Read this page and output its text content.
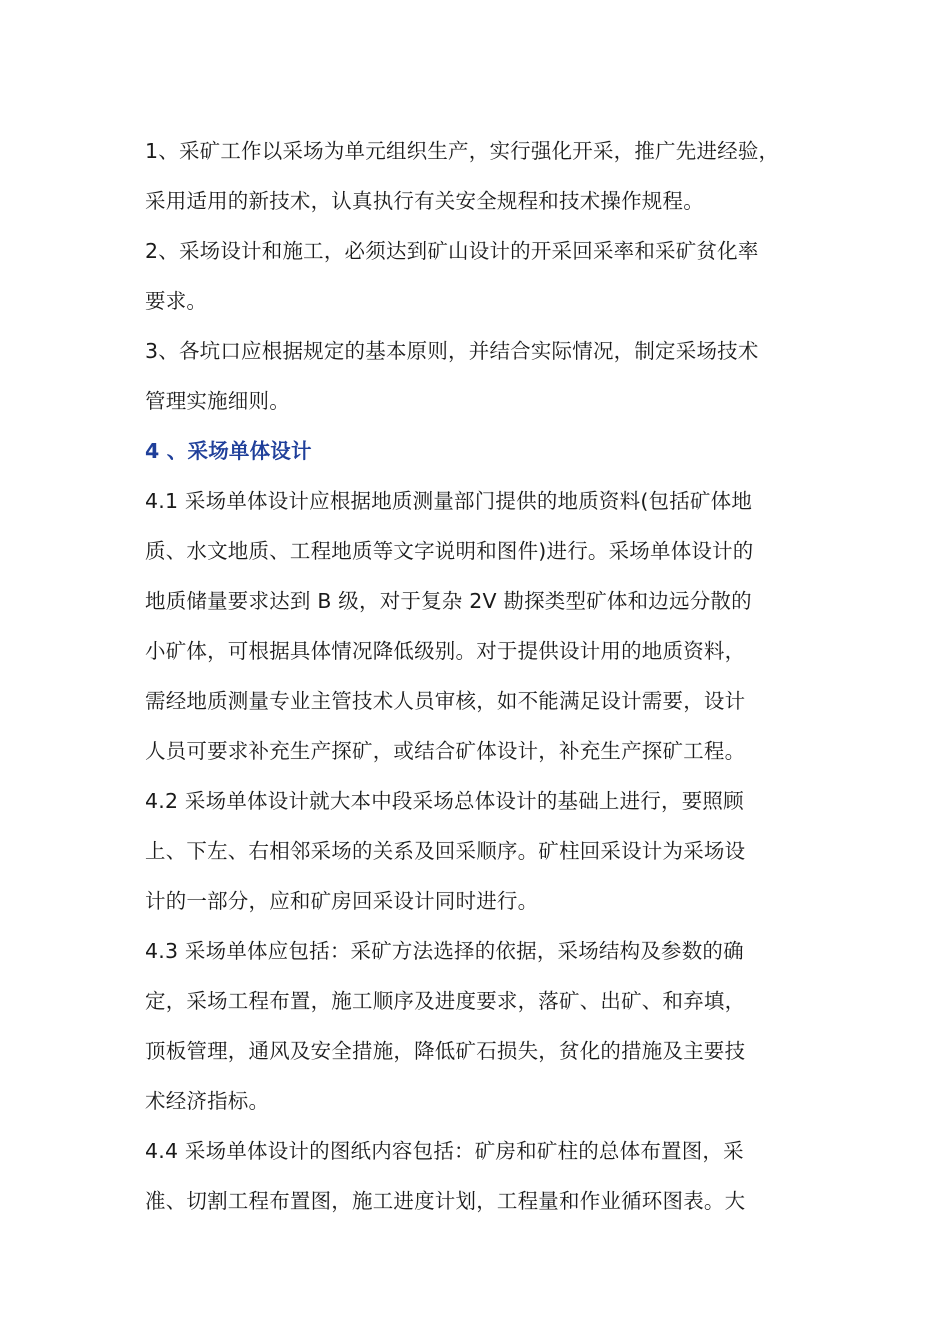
1、采矿工作以采场为单元组织生产，实行强化开采，推广先进经验，
采用适用的新技术，认真执行有关安全规程和技术操作规程。
2、采场设计和施工，必须达到矿山设计的开采回采率和采矿贫化率
要求。
3、各坑口应根据规定的基本原则，并结合实际情况，制定采场技术
管理实施细则。
4 、采场单体设计
4.1 采场单体设计应根据地质测量部门提供的地质资料(包括矿体地
质、水文地质、工程地质等文字说明和图件)进行。采场单体设计的
地质储量要求达到 B 级，对于复杂 2V 勘探类型矿体和边远分散的
小矿体，可根据具体情况降低级别。对于提供设计用的地质资料，
需经地质测量专业主管技术人员审核，如不能满足设计需要，设计
人员可要求补充生产探矿，或结合矿体设计，补充生产探矿工程。
4.2 采场单体设计就大本中段采场总体设计的基础上进行，要照顾
上、下左、右相邻采场的关系及回采顺序。矿柱回采设计为采场设
计的一部分，应和矿房回采设计同时进行。
4.3 采场单体应包括：采矿方法选择的依据，采场结构及参数的确
定，采场工程布置，施工顺序及进度要求，落矿、出矿、和弃填，
顶板管理，通风及安全措施，降低矿石损失，贫化的措施及主要技
术经济指标。
4.4 采场单体设计的图纸内容包括：矿房和矿柱的总体布置图，采
准、切割工程布置图，施工进度计划，工程量和作业循环图表。大
